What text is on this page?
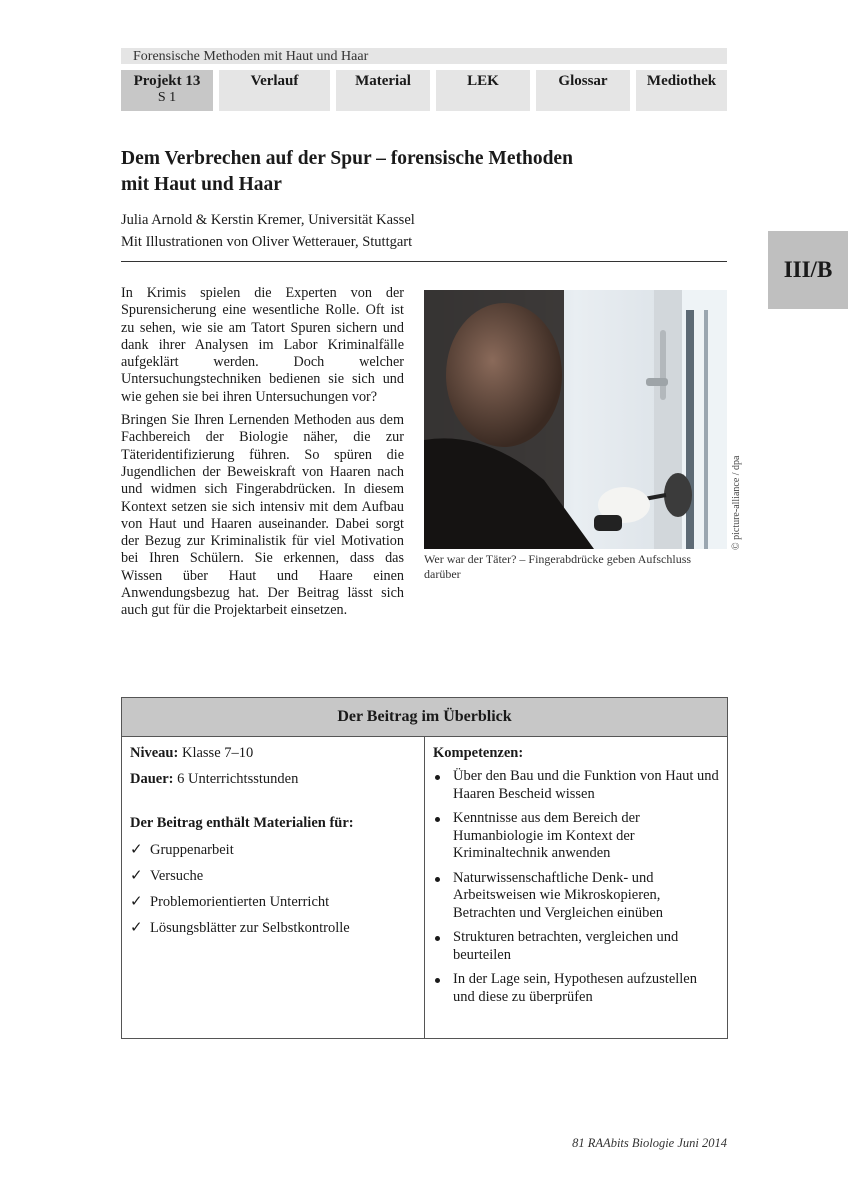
Forensische Methoden mit Haut und Haar
Projekt 13
S 1
Verlauf	Material	LEK	Glossar	Mediothek
III/B
Dem Verbrechen auf der Spur – forensische Methoden
mit Haut und Haar
Julia Arnold & Kerstin Kremer, Universität Kassel
Mit Illustrationen von Oliver Wetterauer, Stuttgart

In Krimis spielen die Experten von der Spurensicherung eine wesentliche Rolle. Oft ist zu sehen, wie sie am Tatort Spuren sichern und dank ihrer Analysen im Labor Kriminalfälle aufgeklärt werden. Doch welcher Untersuchungstechniken bedienen sie sich und wie gehen sie bei ihren Untersuchungen vor?

Bringen Sie Ihren Lernenden Methoden aus dem Fachbereich der Biologie näher, die zur Täteridentifizierung führen. So spüren die Jugendlichen der Beweiskraft von Haaren nach und widmen sich Fingerabdrücken. In diesem Kontext setzen sie sich intensiv mit dem Aufbau von Haut und Haaren auseinander. Dabei sorgt der Bezug zur Kriminalistik für viel Motivation bei Ihren Schülern. Sie erkennen, dass das Wissen über Haut und Haare einen Anwendungsbezug hat. Der Beitrag lässt sich auch gut für die Projektarbeit einsetzen.

Wer war der Täter? – Fingerabdrücke geben Aufschluss darüber
© picture-alliance / dpa
Der Beitrag im Überblick
Niveau: Klasse 7–10
Dauer: 6 Unterrichtsstunden
Der Beitrag enthält Materialien für:
✓ Gruppenarbeit
✓ Versuche
✓ Problemorientierten Unterricht
✓ Lösungsblätter zur Selbstkontrolle
Kompetenzen:
Über den Bau und die Funktion von Haut und Haaren Bescheid wissen
Kenntnisse aus dem Bereich der Humanbiologie im Kontext der Kriminaltechnik anwenden
Naturwissenschaftliche Denk- und Arbeitsweisen wie Mikroskopieren, Betrachten und Vergleichen einüben
Strukturen betrachten, vergleichen und beurteilen
In der Lage sein, Hypothesen aufzustellen und diese zu überprüfen
81 RAAbits Biologie Juni 2014
